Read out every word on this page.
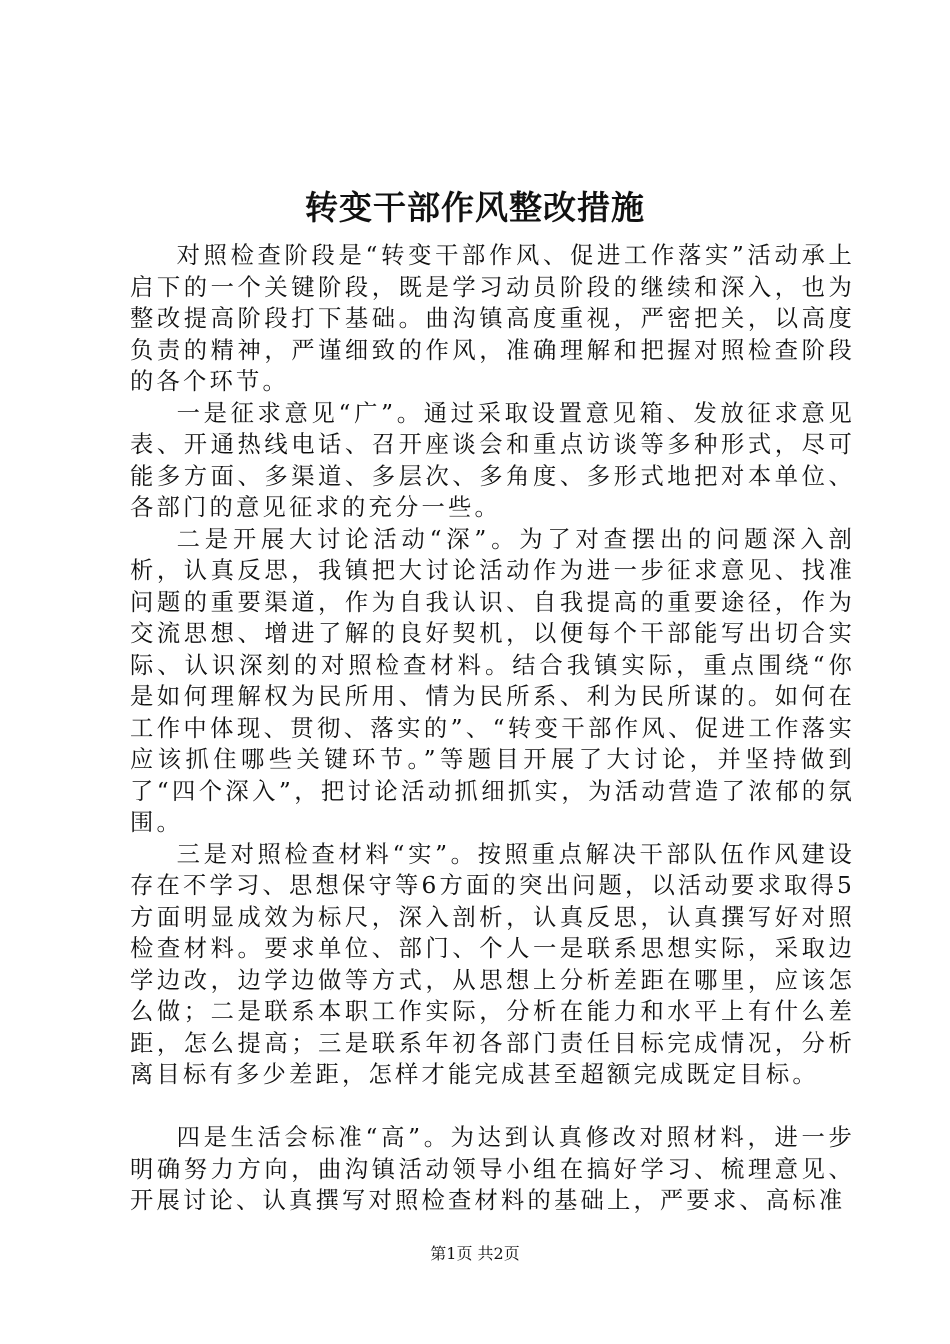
转变干部作风整改措施

对照检查阶段是“转变干部作风、促进工作落实”活动承上启下的一个关键阶段，既是学习动员阶段的继续和深入，也为整改提高阶段打下基础。曲沟镇高度重视，严密把关，以高度负责的精神，严谨细致的作风，准确理解和把握对照检查阶段的各个环节。

一是征求意见“广”。通过采取设置意见箱、发放征求意见表、开通热线电话、召开座谈会和重点访谈等多种形式，尽可能多方面、多渠道、多层次、多角度、多形式地把对本单位、各部门的意见征求的充分一些。

二是开展大讨论活动“深”。为了对查摆出的问题深入剖析，认真反思，我镇把大讨论活动作为进一步征求意见、找准问题的重要渠道，作为自我认识、自我提高的重要途径，作为交流思想、增进了解的良好契机，以便每个干部能写出切合实际、认识深刻的对照检查材料。结合我镇实际，重点围绕“你是如何理解权为民所用、情为民所系、利为民所谋的。如何在工作中体现、贯彻、落实的”、“转变干部作风、促进工作落实应该抓住哪些关键环节。”等题目开展了大讨论，并坚持做到了“四个深入”，把讨论活动抓细抓实，为活动营造了浓郁的氛围。

三是对照检查材料“实”。按照重点解决干部队伍作风建设存在不学习、思想保守等6方面的突出问题，以活动要求取得5方面明显成效为标尺，深入剖析，认真反思，认真撰写好对照检查材料。要求单位、部门、个人一是联系思想实际，采取边学边改，边学边做等方式，从思想上分析差距在哪里，应该怎么做；二是联系本职工作实际，分析在能力和水平上有什么差距，怎么提高；三是联系年初各部门责任目标完成情况，分析离目标有多少差距，怎样才能完成甚至超额完成既定目标。

四是生活会标准“高”。为达到认真修改对照材料，进一步明确努力方向，曲沟镇活动领导小组在搞好学习、梳理意见、开展讨论、认真撰写对照检查材料的基础上，严要求、高标准

第1页 共2页
